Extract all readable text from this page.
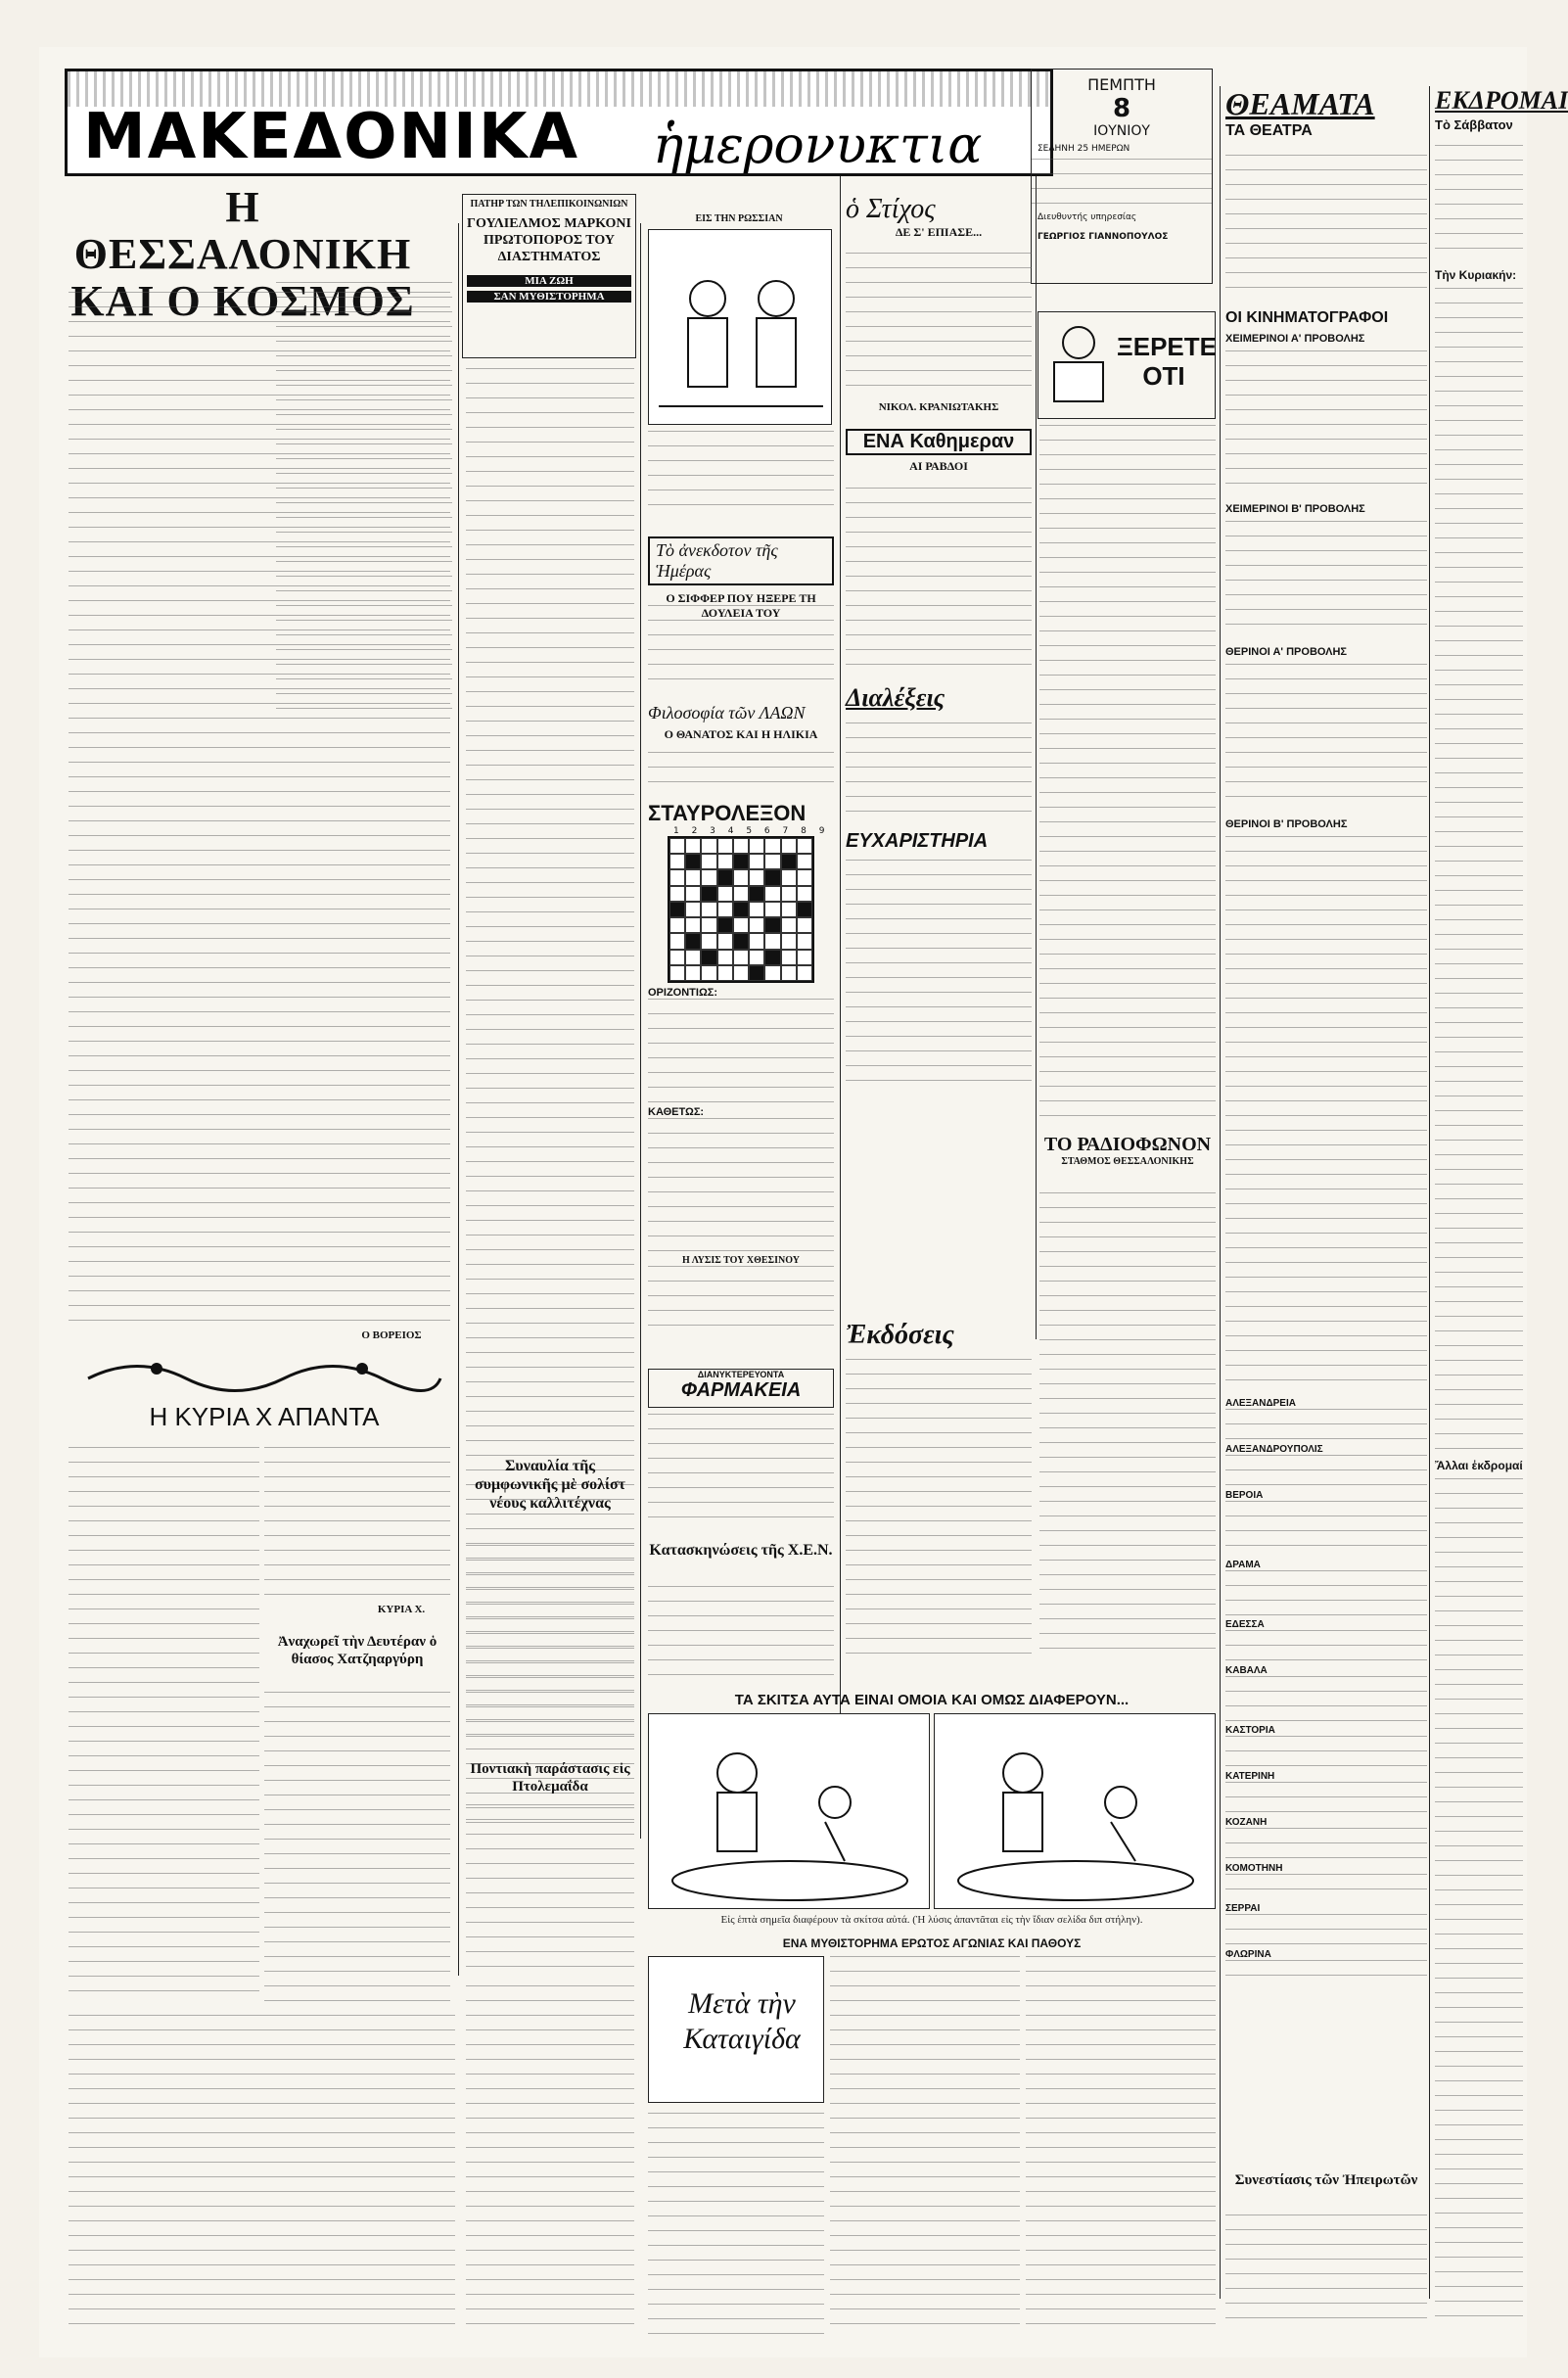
ΜΑΚΕΔΟΝΙΚΑ ἡμερονυκτια
ΠΕΜΠΤΗ
8
ΙΟΥΝΙΟΥ
ΣΕΛΗΝΗ 25 ΗΜΕΡΩΝ
Διευθυντής υπηρεσίας
ΓΕΩΡΓΙΟΣ ΓΙΑΝΝΟΠΟΥΛΟΣ
Η ΘΕΣΣΑΛΟΝΙΚΗ ΚΑΙ Ο ΚΟΣΜΟΣ
Ο ΒΟΡΕΙΟΣ
Η ΚΥΡΙΑ Χ ΑΠΑΝΤΑ
ΚΥΡΙΑ Χ.
Ἀναχωρεῖ τὴν Δευτέραν ὁ θίασος Χατζηαργύρη
ΠΑΤΗΡ ΤΩΝ ΤΗΛΕΠΙΚΟΙΝΩΝΙΩΝ
ΓΟΥΛΙΕΛΜΟΣ ΜΑΡΚΟΝΙ ΠΡΩΤΟΠΟΡΟΣ ΤΟΥ ΔΙΑΣΤΗΜΑΤΟΣ
ΜΙΑ ΖΩΗ
ΣΑΝ ΜΥΘΙΣΤΟΡΗΜΑ
ΕΙΣ ΤΗΝ ΡΩΣΣΙΑΝ
Τὸ ἀνεκδοτον τῆς Ἡμέρας
Ο ΣΙΦΦΕΡ ΠΟΥ ΗΞΕΡΕ ΤΗ ΔΟΥΛΕΙΑ ΤΟΥ
Φιλοσοφία τῶν ΛΑΩΝ
Ο ΘΑΝΑΤΟΣ ΚΑΙ Η ΗΛΙΚΙΑ
ΣΤΑΥΡΟΛΕΞΟΝ
1 2 3 4 5 6 7 8 9
ΟΡΙΖΟΝΤΙΩΣ:
ΚΑΘΕΤΩΣ:
Η ΛΥΣΙΣ ΤΟΥ ΧΘΕΣΙΝΟΥ
ΔΙΑΝΥΚΤΕΡΕΥΟΝΤΑ
ΦΑΡΜΑΚΕΙΑ
Συναυλία τῆς συμφωνικῆς μὲ σολίστ νέους καλλιτέχνας
Κατασκηνώσεις τῆς Χ.Ε.Ν.
Ποντιακὴ παράστασις εἰς Πτολεμαΐδα
ὁ Στίχος
ΔΕ Σ' ΕΠΙΑΣΕ...
ΝΙΚΟΛ. ΚΡΑΝΙΩΤΑΚΗΣ
ΕΝΑ Καθημεραν
ΑΙ ΡΑΒΔΟΙ
Διαλέξεις
ΕΥΧΑΡΙΣΤΗΡΙΑ
Ἐκδόσεις
ΞΕΡΕΤΕ ΟΤΙ
ΤΟ ΡΑΔΙΟΦΩΝΟΝ
ΣΤΑΘΜΟΣ ΘΕΣΣΑΛΟΝΙΚΗΣ
ΤΑ ΣΚΙΤΣΑ ΑΥΤΑ ΕΙΝΑΙ ΟΜΟΙΑ ΚΑΙ ΟΜΩΣ ΔΙΑΦΕΡΟΥΝ...
Εἰς ἑπτὰ σημεῖα διαφέρουν τὰ σκίτσα αὐτά. (Ἡ λύσις ἀπαντᾶται εἰς τὴν ἴδιαν σελίδα διπ στήλην).
ΕΝΑ ΜΥΘΙΣΤΟΡΗΜΑ ΕΡΩΤΟΣ ΑΓΩΝΙΑΣ ΚΑΙ ΠΑΘΟΥΣ
Μετὰ τὴν Καταιγίδα
ΘΕΑΜΑΤΑ
ΤΑ ΘΕΑΤΡΑ
ΟΙ ΚΙΝΗΜΑΤΟΓΡΑΦΟΙ
ΧΕΙΜΕΡΙΝΟΙ Α' ΠΡΟΒΟΛΗΣ
ΧΕΙΜΕΡΙΝΟΙ Β' ΠΡΟΒΟΛΗΣ
ΘΕΡΙΝΟΙ Α' ΠΡΟΒΟΛΗΣ
ΘΕΡΙΝΟΙ Β' ΠΡΟΒΟΛΗΣ
ΑΛΕΞΑΝΔΡΕΙΑ
ΑΛΕΞΑΝΔΡΟΥΠΟΛΙΣ
ΒΕΡΟΙΑ
ΔΡΑΜΑ
ΕΔΕΣΣΑ
ΚΑΒΑΛΑ
ΚΑΣΤΟΡΙΑ
ΚΑΤΕΡΙΝΗ
ΚΟΖΑΝΗ
ΚΟΜΟΤΗΝΗ
ΣΕΡΡΑΙ
ΦΛΩΡΙΝΑ
Συνεστίασις τῶν Ἠπειρωτῶν
ΕΚΔΡΟΜΑΙ
Τὸ Σάββατον
Τὴν Κυριακήν:
Ἄλλαι ἐκδρομαί
